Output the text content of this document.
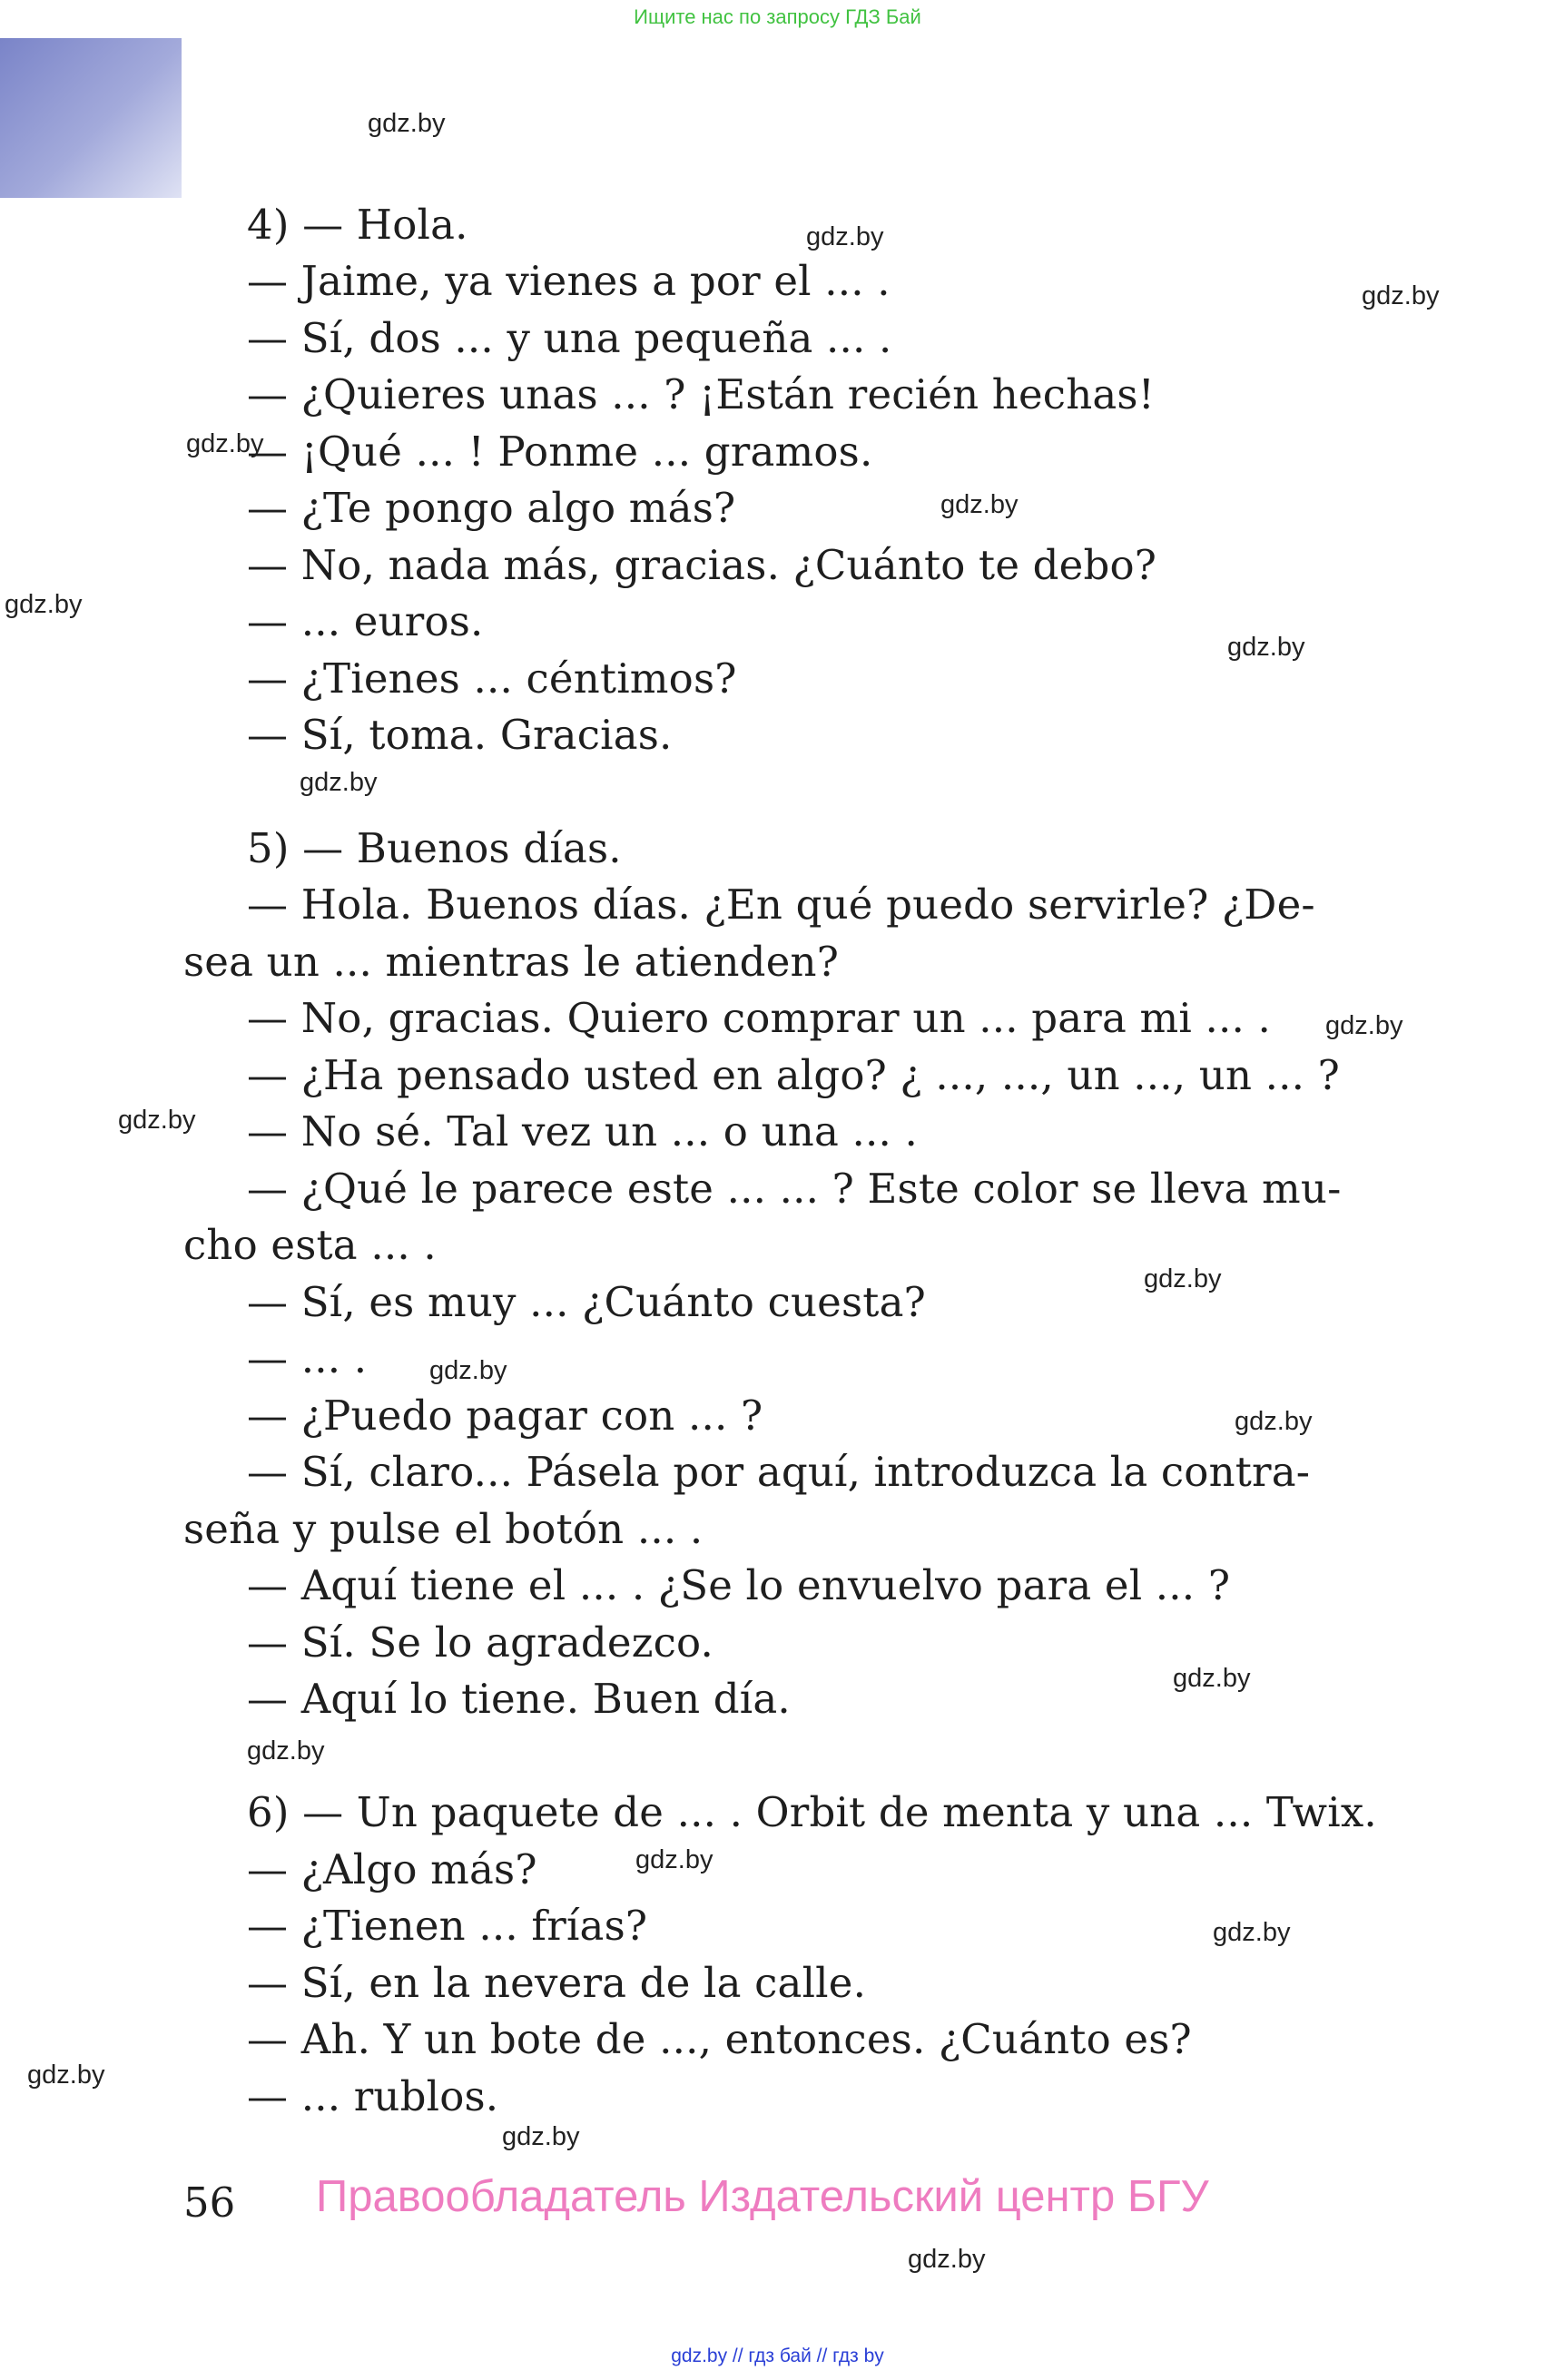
Ищите нас по запросу ГДЗ Бай
gdz.by
gdz.by
gdz.by
gdz.by
gdz.by
gdz.by
gdz.by
gdz.by
gdz.by
gdz.by
gdz.by
gdz.by
gdz.by
gdz.by
gdz.by
gdz.by
gdz.by
gdz.by
gdz.by
gdz.by
4) — Hola.
— Jaime, ya vienes a por el ... .
— Sí, dos ... y una pequeña ... .
— ¿Quieres unas ... ? ¡Están recién hechas!
— ¡Qué ... ! Ponme ... gramos.
— ¿Te pongo algo más?
— No, nada más, gracias. ¿Cuánto te debo?
— ... euros.
— ¿Tienes ... céntimos?
— Sí, toma. Gracias.
5) — Buenos días.
— Hola. Buenos días. ¿En qué puedo servirle? ¿De-
sea un ... mientras le atienden?
— No, gracias. Quiero comprar un ... para mi ... .
— ¿Ha pensado usted en algo? ¿ ..., ..., un ..., un ... ?
— No sé. Tal vez un ... o una ... .
— ¿Qué le parece este ... ... ? Este color se lleva mu-
cho esta ... .
— Sí, es muy ... ¿Cuánto cuesta?
— ... .
— ¿Puedo pagar con ... ?
— Sí, claro... Pásela por aquí, introduzca la contra-
seña y pulse el botón ... .
— Aquí tiene el ... . ¿Se lo envuelvo para el ... ?
— Sí. Se lo agradezco.
— Aquí lo tiene. Buen día.
6) — Un paquete de ... . Orbit de menta y una ... Twix.
— ¿Algo más?
— ¿Tienen ... frías?
— Sí, en la nevera de la calle.
— Ah. Y un bote de ..., entonces. ¿Cuánto es?
— ... rublos.
56 Правообладатель Издательский центр БГУ
gdz.by // гдз бай // гдз by
